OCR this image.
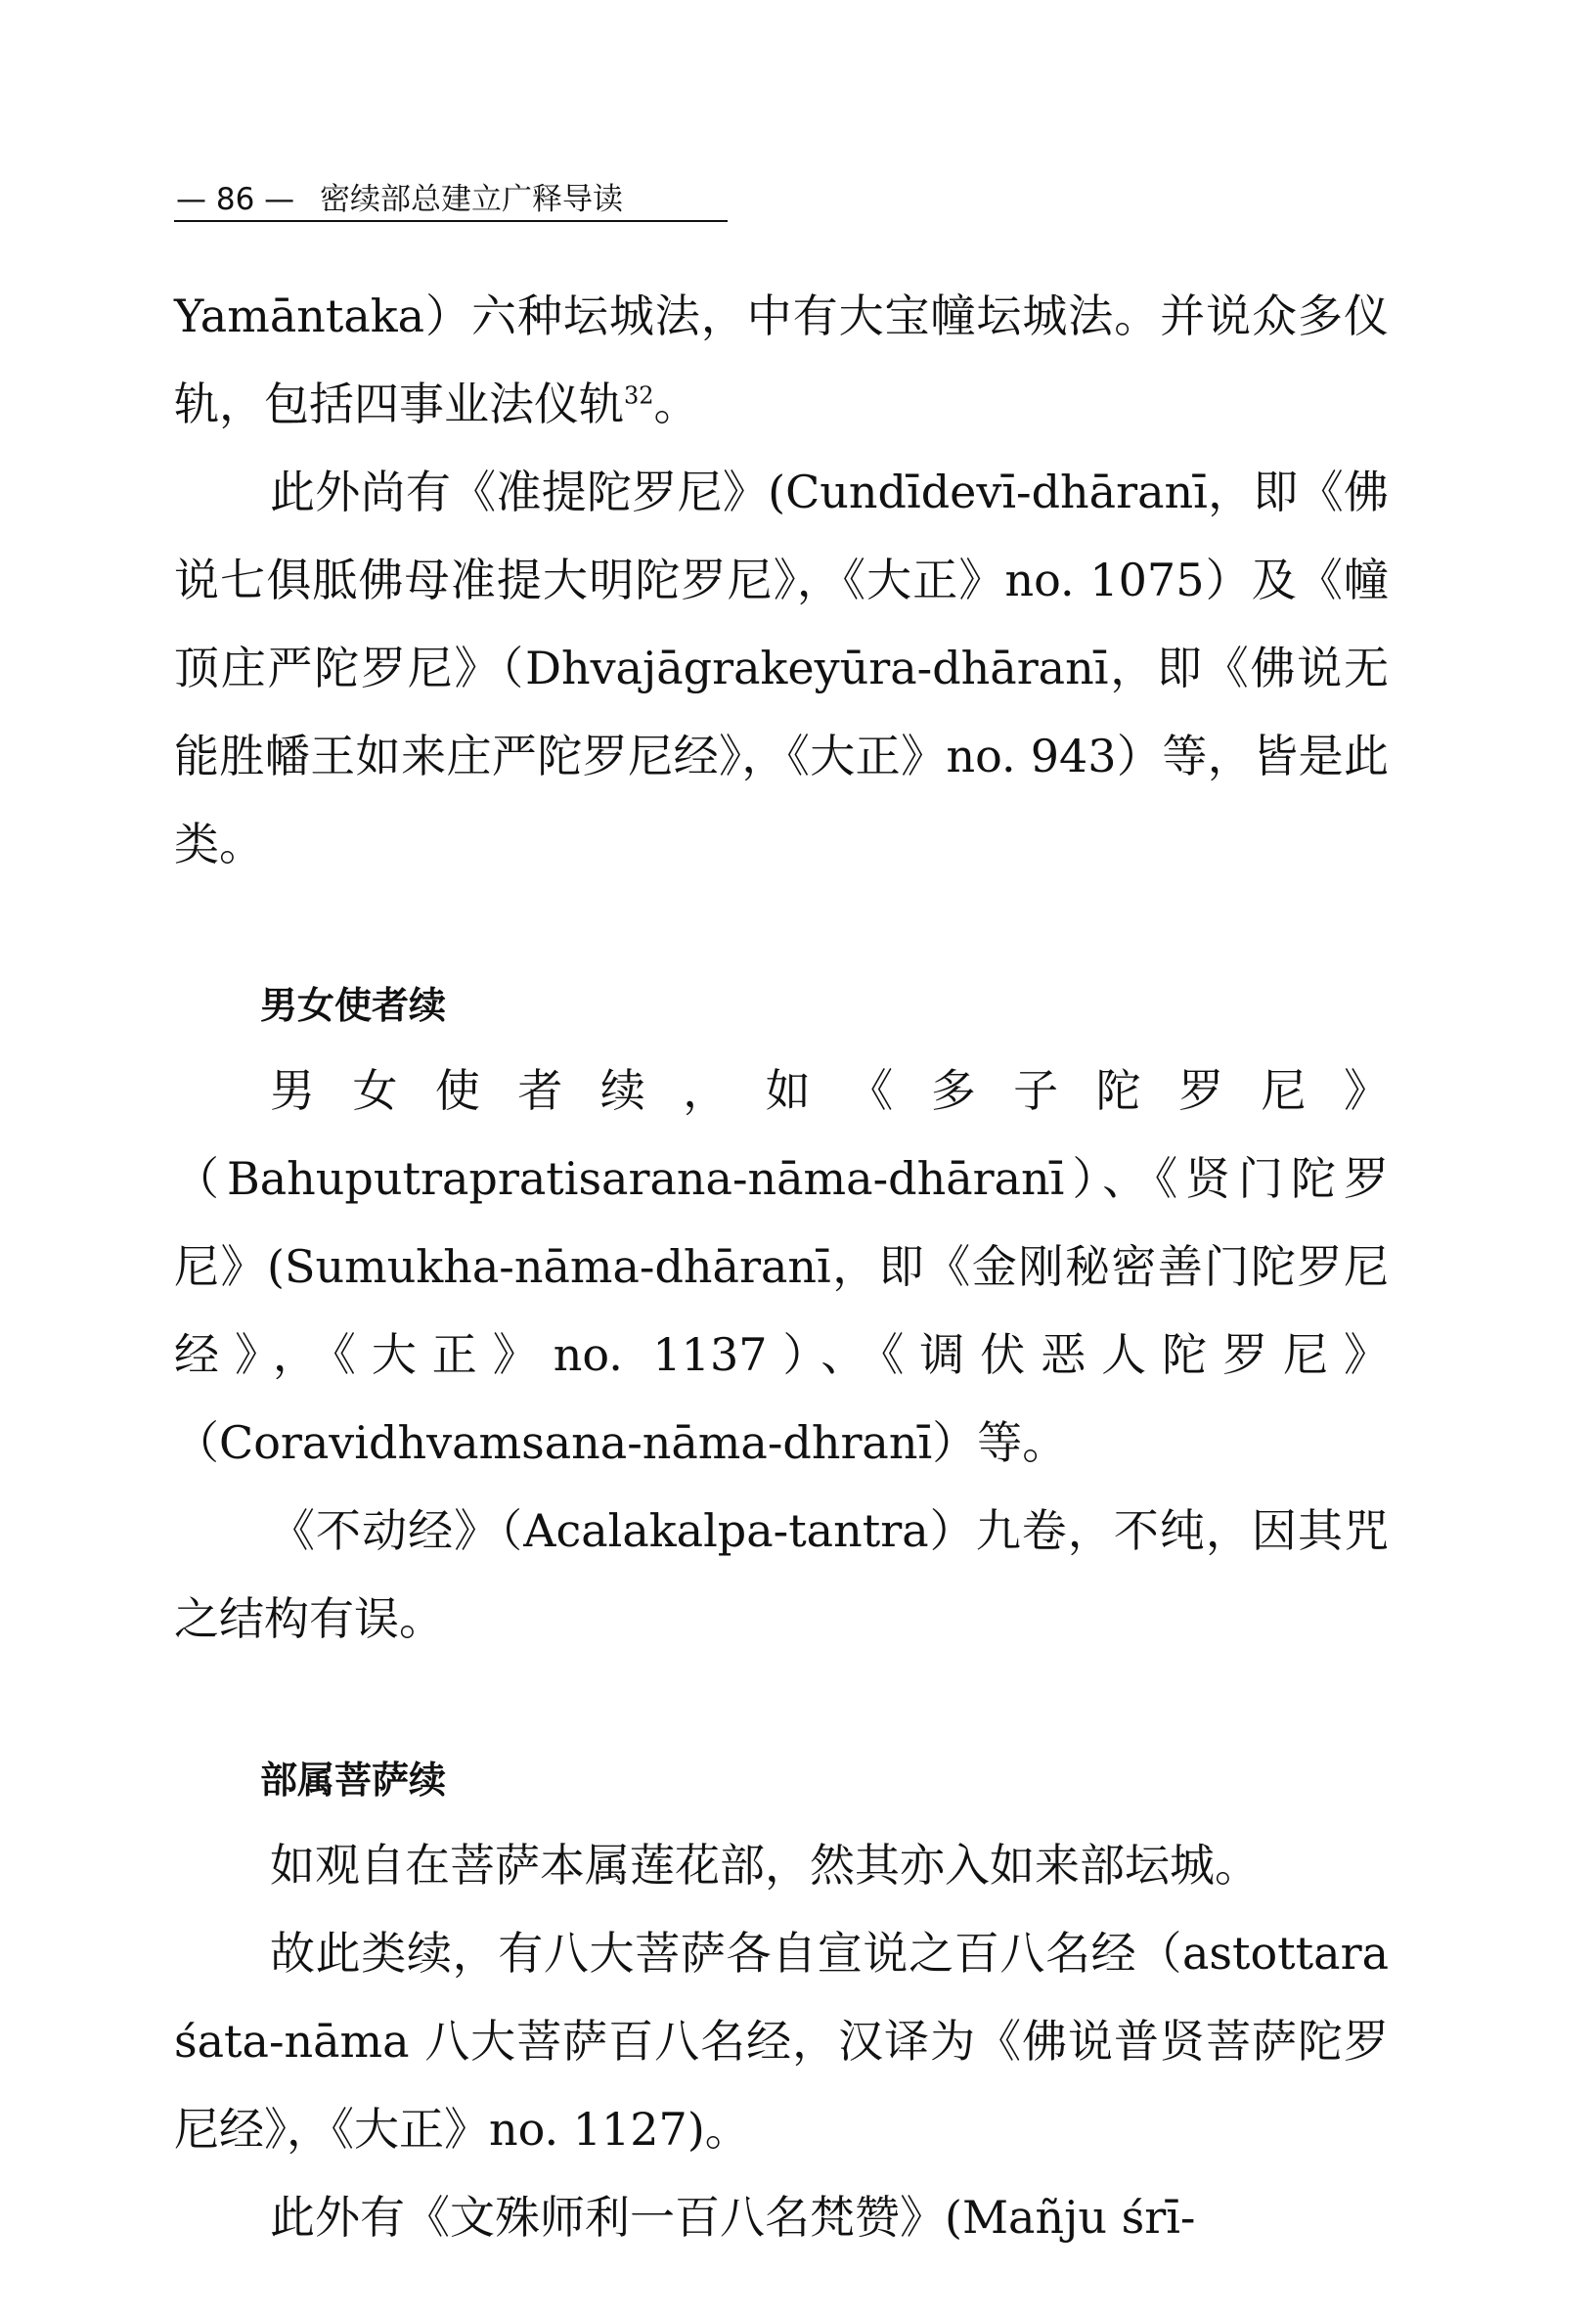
— 86 — 密续部总建立广释导读

Yamāntaka）六种坛城法，中有大宝幢坛城法。并说众多仪轨，包括四事业法仪轨$^{32}$。

此外尚有《准提陀罗尼》(Cundīdevī-dhāranī，即《佛说七俱胝佛母准提大明陀罗尼》，《大正》no. 1075）及《幢顶庄严陀罗尼》（Dhvajāgrakeyūra-dhāranī，即《佛说无能胜幡王如来庄严陀罗尼经》，《大正》no. 943）等，皆是此类。

男女使者续

男女使者续，如《多子陀罗尼》（Bahuputrapratisarana-nāma-dhāranī）、《贤门陀罗尼》(Sumukha-nāma-dhāranī，即《金刚秘密善门陀罗尼经》，《大正》no. 1137）、《调伏恶人陀罗尼》（Coravidhvamsana-nāma-dhranī）等。

《不动经》（Acalakalpa-tantra）九卷，不纯，因其咒之结构有误。

部属菩萨续

如观自在菩萨本属莲花部，然其亦入如来部坛城。

故此类续，有八大菩萨各自宣说之百八名经（astottara śata-nāma 八大菩萨百八名经，汉译为《佛说普贤菩萨陀罗尼经》，《大正》no. 1127)。

此外有《文殊师利一百八名梵赞》(Mañju śrī-
